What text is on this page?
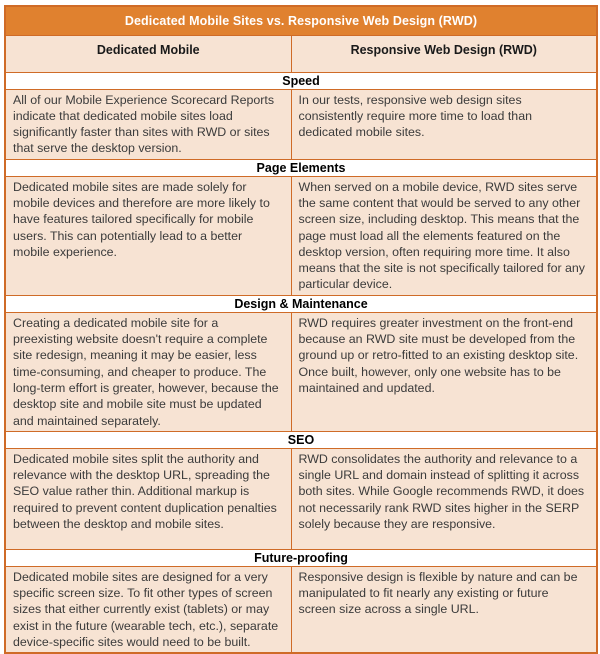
Dedicated Mobile Sites vs. Responsive Web Design (RWD)	
Dedicated Mobile	Responsive Web Design (RWD)
Speed	
All of our Mobile Experience Scorecard Reports indicate that dedicated mobile sites load significantly faster than sites with RWD or sites that serve the desktop version.	In our tests, responsive web design sites consistently require more time to load than dedicated mobile sites.
Page Elements	
Dedicated mobile sites are made solely for mobile devices and therefore are more likely to have features tailored specifically for mobile users. This can potentially lead to a better mobile experience.	When served on a mobile device, RWD sites serve the same content that would be served to any other screen size, including desktop. This means that the page must load all the elements featured on the desktop version, often requiring more time. It also means that the site is not specifically tailored for any particular device.
Design & Maintenance	
Creating a dedicated mobile site for a preexisting website doesn't require a complete site redesign, meaning it may be easier, less time-consuming, and cheaper to produce. The long-term effort is greater, however, because the desktop site and mobile site must be updated and maintained separately.	RWD requires greater investment on the front-end because an RWD site must be developed from the ground up or retro-fitted to an existing desktop site. Once built, however, only one website has to be maintained and updated.
SEO	
Dedicated mobile sites split the authority and relevance with the desktop URL, spreading the SEO value rather thin. Additional markup is required to prevent content duplication penalties between the desktop and mobile sites.	RWD consolidates the authority and relevance to a single URL and domain instead of splitting it across both sites. While Google recommends RWD, it does not necessarily rank RWD sites higher in the SERP solely because they are responsive.
Future-proofing	
Dedicated mobile sites are designed for a very specific screen size. To fit other types of screen sizes that either currently exist (tablets) or may exist in the future (wearable tech, etc.), separate device-specific sites would need to be built.	Responsive design is flexible by nature and can be manipulated to fit nearly any existing or future screen size across a single URL.
